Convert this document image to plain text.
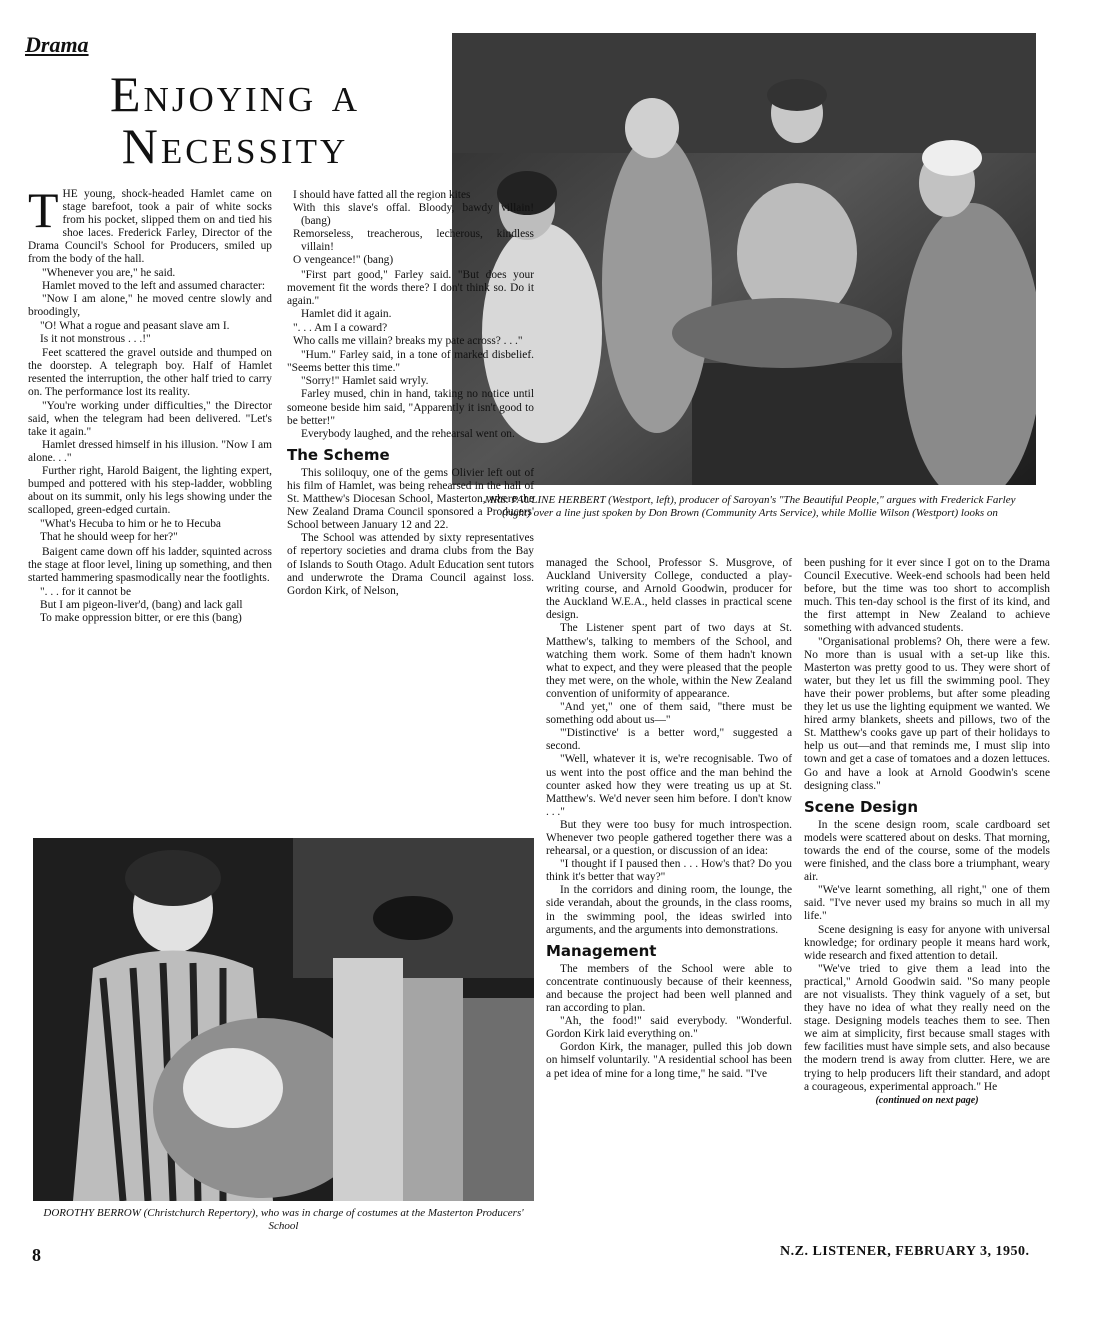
Drama
Enjoying a
Necessity
MRS. PAULINE HERBERT (Westport, left), producer of Saroyan's "The Beautiful People," argues with Frederick Farley (right) over a line just spoken by Don Brown (Community Arts Service), while Mollie Wilson (Westport) looks on
DOROTHY BERROW (Christchurch Repertory), who was in charge of costumes at the Masterton Producers' School

THE young, shock-headed Hamlet came on stage barefoot, took a pair of white socks from his pocket, slipped them on and tied his shoe laces. Frederick Farley, Director of the Drama Council's School for Producers, smiled up from the body of the hall.

"Whenever you are," he said.

Hamlet moved to the left and assumed character:

"Now I am alone," he moved centre slowly and broodingly,

"O! What a rogue and peasant slave am I.
Is it not monstrous . . .!"

Feet scattered the gravel outside and thumped on the doorstep. A telegraph boy. Half of Hamlet resented the interruption, the other half tried to carry on. The performance lost its reality.

"You're working under difficulties," the Director said, when the telegram had been delivered. "Let's take it again."

Hamlet dressed himself in his illusion. "Now I am alone. . ."

Further right, Harold Baigent, the lighting expert, bumped and pottered with his step-ladder, wobbling about on its summit, only his legs showing under the scalloped, green-edged curtain.

"What's Hecuba to him or he to Hecuba
That he should weep for her?"

Baigent came down off his ladder, squinted across the stage at floor level, lining up something, and then started hammering spasmodically near the footlights.

". . . for it cannot be
But I am pigeon-liver'd, (bang) and lack gall
To make oppression bitter, or ere this (bang)
I should have fatted all the region kites
With this slave's offal. Bloody, bawdy villain! (bang)
Remorseless, treacherous, lecherous, kindless villain!
O vengeance!" (bang)

"First part good," Farley said. "But does your movement fit the words there? I don't think so. Do it again."

Hamlet did it again.

". . . Am I a coward?
Who calls me villain? breaks my pate across? . . ."

"Hum." Farley said, in a tone of marked disbelief. "Seems better this time."

"Sorry!" Hamlet said wryly.

Farley mused, chin in hand, taking no notice until someone beside him said, "Apparently it isn't good to be better!"

Everybody laughed, and the rehearsal went on.

The Scheme

This soliloquy, one of the gems Olivier left out of his film of Hamlet, was being rehearsed in the hall of St. Matthew's Diocesan School, Masterton, where the New Zealand Drama Council sponsored a Producers' School between January 12 and 22.

The School was attended by sixty representatives of repertory societies and drama clubs from the Bay of Islands to South Otago. Adult Education sent tutors and underwrote the Drama Council against loss. Gordon Kirk, of Nelson,

managed the School, Professor S. Musgrove, of Auckland University College, conducted a play-writing course, and Arnold Goodwin, producer for the Auckland W.E.A., held classes in practical scene design.

The Listener spent part of two days at St. Matthew's, talking to members of the School, and watching them work. Some of them hadn't known what to expect, and they were pleased that the people they met were, on the whole, within the New Zealand convention of uniformity of appearance.

"And yet," one of them said, "there must be something odd about us—"

"'Distinctive' is a better word," suggested a second.

"Well, whatever it is, we're recognisable. Two of us went into the post office and the man behind the counter asked how they were treating us up at St. Matthew's. We'd never seen him before. I don't know . . ."

But they were too busy for much introspection. Whenever two people gathered together there was a rehearsal, or a question, or discussion of an idea:

"I thought if I paused then . . . How's that? Do you think it's better that way?"

In the corridors and dining room, the lounge, the side verandah, about the grounds, in the class rooms, in the swimming pool, the ideas swirled into arguments, and the arguments into demonstrations.

Management

The members of the School were able to concentrate continuously because of their keenness, and because the project had been well planned and ran according to plan.

"Ah, the food!" said everybody. "Wonderful. Gordon Kirk laid everything on."

Gordon Kirk, the manager, pulled this job down on himself voluntarily. "A residential school has been a pet idea of mine for a long time," he said. "I've

been pushing for it ever since I got on to the Drama Council Executive. Week-end schools had been held before, but the time was too short to accomplish much. This ten-day school is the first of its kind, and the first attempt in New Zealand to achieve something with advanced students.

"Organisational problems? Oh, there were a few. No more than is usual with a set-up like this. Masterton was pretty good to us. They were short of water, but they let us fill the swimming pool. They have their power problems, but after some pleading they let us use the lighting equipment we wanted. We hired army blankets, sheets and pillows, two of the St. Matthew's cooks gave up part of their holidays to help us out—and that reminds me, I must slip into town and get a case of tomatoes and a dozen lettuces. Go and have a look at Arnold Goodwin's scene designing class."

Scene Design

In the scene design room, scale cardboard set models were scattered about on desks. That morning, towards the end of the course, some of the models were finished, and the class bore a triumphant, weary air.

"We've learnt something, all right," one of them said. "I've never used my brains so much in all my life."

Scene designing is easy for anyone with universal knowledge; for ordinary people it means hard work, wide research and fixed attention to detail.

"We've tried to give them a lead into the practical," Arnold Goodwin said. "So many people are not visualists. They think vaguely of a set, but they have no idea of what they really need on the stage. Designing models teaches them to see. Then we aim at simplicity, first because small stages with few facilities must have simple sets, and also because the modern trend is away from clutter. Here, we are trying to help producers lift their standard, and adopt a courageous, experimental approach." He

(continued on next page)
8	N.Z. LISTENER, FEBRUARY 3, 1950.
